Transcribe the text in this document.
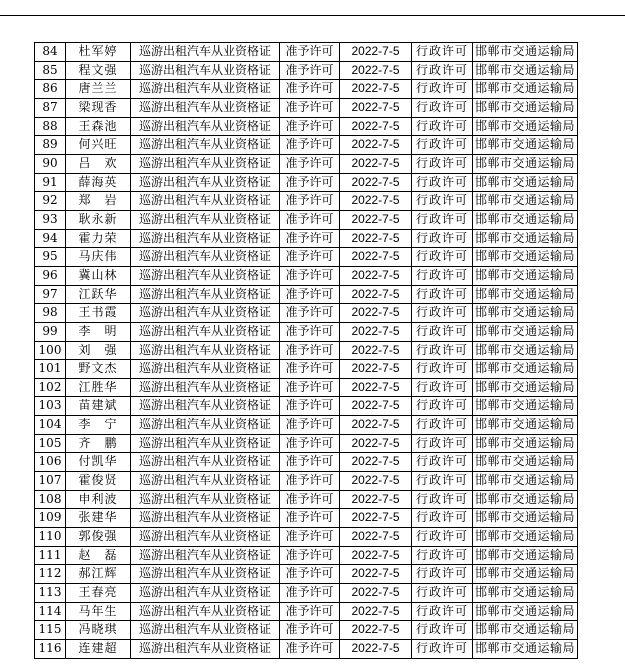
84	杜军婷	巡游出租汽车从业资格证	准予许可	2022-7-5	行政许可	邯郸市交通运输局
85	程文强	巡游出租汽车从业资格证	准予许可	2022-7-5	行政许可	邯郸市交通运输局
86	唐兰兰	巡游出租汽车从业资格证	准予许可	2022-7-5	行政许可	邯郸市交通运输局
87	梁现香	巡游出租汽车从业资格证	准予许可	2022-7-5	行政许可	邯郸市交通运输局
88	王森池	巡游出租汽车从业资格证	准予许可	2022-7-5	行政许可	邯郸市交通运输局
89	何兴旺	巡游出租汽车从业资格证	准予许可	2022-7-5	行政许可	邯郸市交通运输局
90	吕　欢	巡游出租汽车从业资格证	准予许可	2022-7-5	行政许可	邯郸市交通运输局
91	薛海英	巡游出租汽车从业资格证	准予许可	2022-7-5	行政许可	邯郸市交通运输局
92	郑　岩	巡游出租汽车从业资格证	准予许可	2022-7-5	行政许可	邯郸市交通运输局
93	耿永新	巡游出租汽车从业资格证	准予许可	2022-7-5	行政许可	邯郸市交通运输局
94	霍力荣	巡游出租汽车从业资格证	准予许可	2022-7-5	行政许可	邯郸市交通运输局
95	马庆伟	巡游出租汽车从业资格证	准予许可	2022-7-5	行政许可	邯郸市交通运输局
96	冀山林	巡游出租汽车从业资格证	准予许可	2022-7-5	行政许可	邯郸市交通运输局
97	江跃华	巡游出租汽车从业资格证	准予许可	2022-7-5	行政许可	邯郸市交通运输局
98	王书霞	巡游出租汽车从业资格证	准予许可	2022-7-5	行政许可	邯郸市交通运输局
99	李　明	巡游出租汽车从业资格证	准予许可	2022-7-5	行政许可	邯郸市交通运输局
100	刘　强	巡游出租汽车从业资格证	准予许可	2022-7-5	行政许可	邯郸市交通运输局
101	野文杰	巡游出租汽车从业资格证	准予许可	2022-7-5	行政许可	邯郸市交通运输局
102	江胜华	巡游出租汽车从业资格证	准予许可	2022-7-5	行政许可	邯郸市交通运输局
103	苗建斌	巡游出租汽车从业资格证	准予许可	2022-7-5	行政许可	邯郸市交通运输局
104	李　宁	巡游出租汽车从业资格证	准予许可	2022-7-5	行政许可	邯郸市交通运输局
105	齐　鹏	巡游出租汽车从业资格证	准予许可	2022-7-5	行政许可	邯郸市交通运输局
106	付凯华	巡游出租汽车从业资格证	准予许可	2022-7-5	行政许可	邯郸市交通运输局
107	霍俊贤	巡游出租汽车从业资格证	准予许可	2022-7-5	行政许可	邯郸市交通运输局
108	申利波	巡游出租汽车从业资格证	准予许可	2022-7-5	行政许可	邯郸市交通运输局
109	张建华	巡游出租汽车从业资格证	准予许可	2022-7-5	行政许可	邯郸市交通运输局
110	郭俊强	巡游出租汽车从业资格证	准予许可	2022-7-5	行政许可	邯郸市交通运输局
111	赵　磊	巡游出租汽车从业资格证	准予许可	2022-7-5	行政许可	邯郸市交通运输局
112	郝江辉	巡游出租汽车从业资格证	准予许可	2022-7-5	行政许可	邯郸市交通运输局
113	王春亮	巡游出租汽车从业资格证	准予许可	2022-7-5	行政许可	邯郸市交通运输局
114	马年生	巡游出租汽车从业资格证	准予许可	2022-7-5	行政许可	邯郸市交通运输局
115	冯晓琪	巡游出租汽车从业资格证	准予许可	2022-7-5	行政许可	邯郸市交通运输局
116	连建超	巡游出租汽车从业资格证	准予许可	2022-7-5	行政许可	邯郸市交通运输局
